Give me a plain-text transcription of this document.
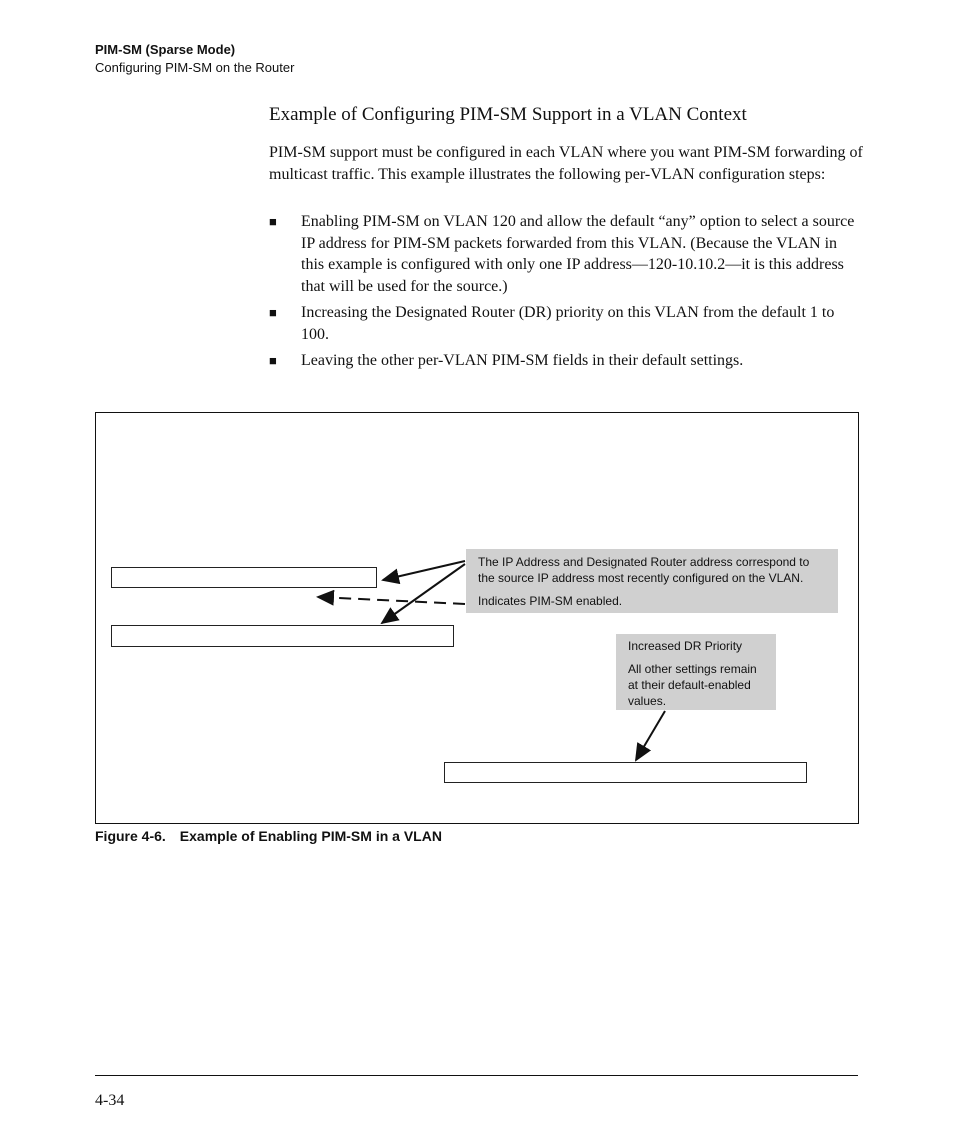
PIM-SM (Sparse Mode)
Configuring PIM-SM on the Router
Example of Configuring PIM-SM Support in a VLAN Context

PIM-SM support must be configured in each VLAN where you want PIM-SM forwarding of multicast traffic. This example illustrates the following per-VLAN configuration steps:

■ Enabling PIM-SM on VLAN 120 and allow the default “any” option to select a source IP address for PIM-SM packets forwarded from this VLAN. (Because the VLAN in this example is configured with only one IP address—120-10.10.2—it is this address that will be used for the source.)
■ Increasing the Designated Router (DR) priority on this VLAN from the default 1 to 100.
■ Leaving the other per-VLAN PIM-SM fields in their default settings.

The IP Address and Designated Router address correspond to the source IP address most recently configured on the VLAN.

Indicates PIM-SM enabled.

Increased DR Priority

All other settings remain at their default-enabled values.

Figure 4-6. Example of Enabling PIM-SM in a VLAN
4-34
